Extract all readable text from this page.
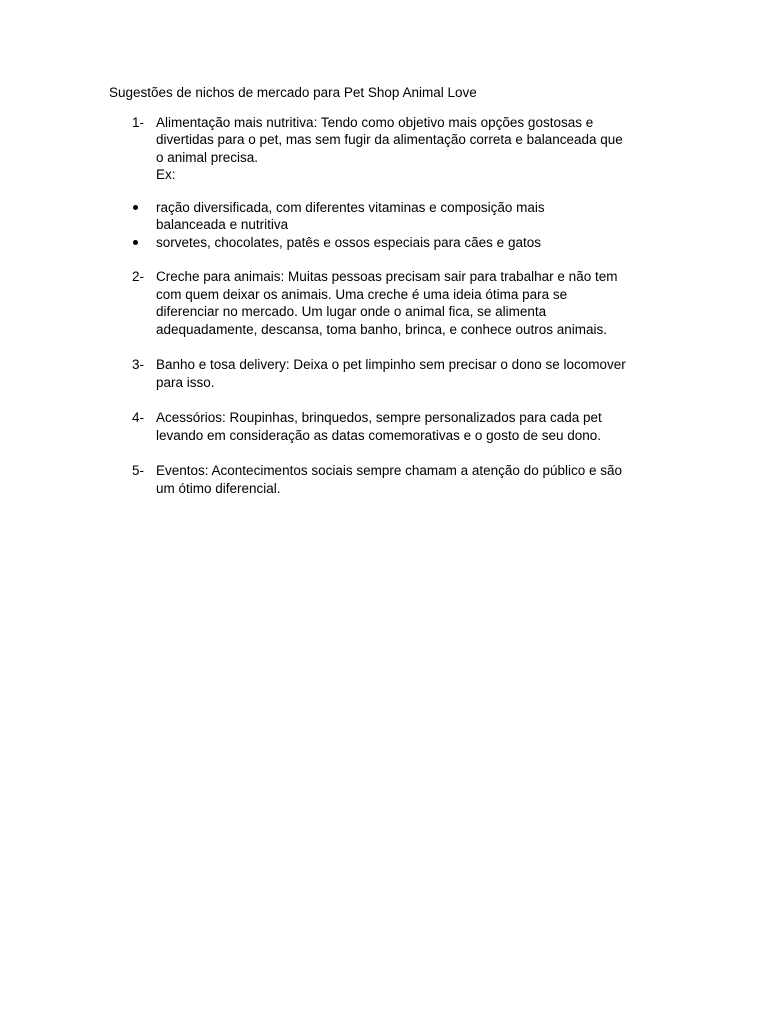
Sugestões de nichos de mercado para Pet Shop Animal Love
1- Alimentação mais nutritiva: Tendo como objetivo mais opções gostosas e
divertidas para o pet, mas sem fugir da alimentação correta e balanceada que
o animal precisa.
Ex:
ração diversificada, com diferentes vitaminas e composição mais
balanceada e nutritiva
sorvetes, chocolates, patês e ossos especiais para cães e gatos
2- Creche para animais: Muitas pessoas precisam sair para trabalhar e não tem
com quem deixar os animais. Uma creche é uma ideia ótima para se
diferenciar no mercado. Um lugar onde o animal fica, se alimenta
adequadamente, descansa, toma banho, brinca, e conhece outros animais.
3- Banho e tosa delivery: Deixa o pet limpinho sem precisar o dono se locomover
para isso.
4- Acessórios: Roupinhas, brinquedos, sempre personalizados para cada pet
levando em consideração as datas comemorativas e o gosto de seu dono.
5- Eventos: Acontecimentos sociais sempre chamam a atenção do público e são
um ótimo diferencial.
